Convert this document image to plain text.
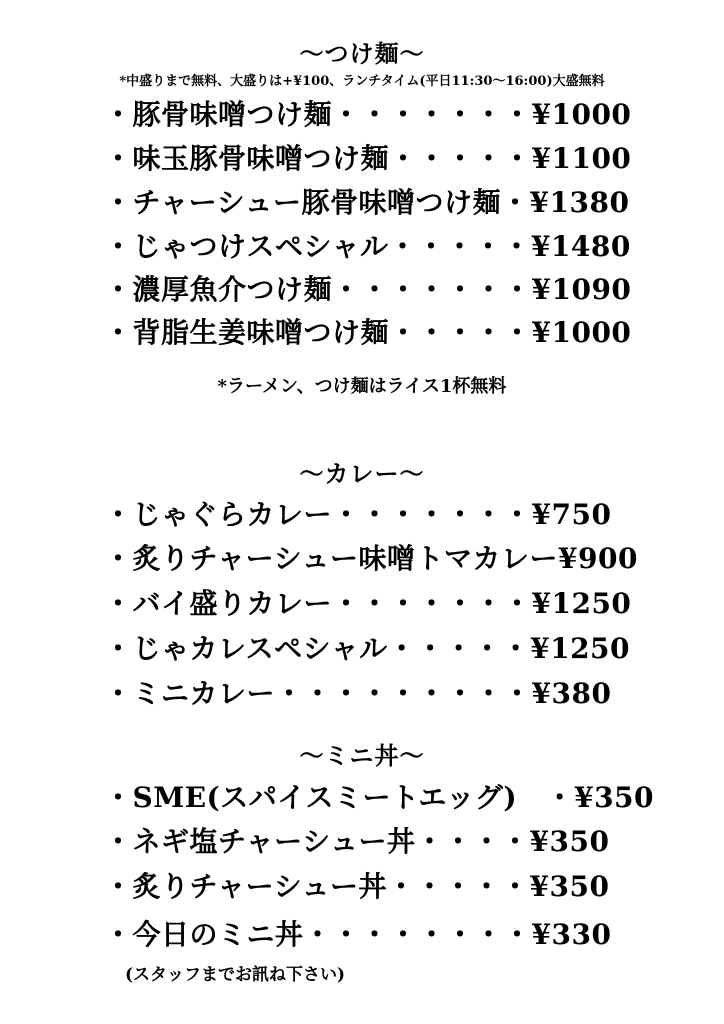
～つけ麺～
*中盛りまで無料、大盛りは+¥100、ランチタイム(平日11:30～16:00)大盛無料
・豚骨味噌つけ麺・・・・・・・¥1000
・味玉豚骨味噌つけ麺・・・・・¥1100
・チャーシュー豚骨味噌つけ麺・¥1380
・じゃつけスペシャル・・・・・¥1480
・濃厚魚介つけ麺・・・・・・・¥1090
・背脂生姜味噌つけ麺・・・・・¥1000
*ラーメン、つけ麺はライス1杯無料
～カレー～
・じゃぐらカレー・・・・・・・¥750
・炙りチャーシュー味噌トマカレー¥900
・バイ盛りカレー・・・・・・・¥1250
・じゃカレスペシャル・・・・・¥1250
・ミニカレー・・・・・・・・・¥380
～ミニ丼～
・SME(スパイスミートエッグ)　・¥350
・ネギ塩チャーシュー丼・・・・¥350
・炙りチャーシュー丼・・・・・¥350
・今日のミニ丼・・・・・・・・¥330
(スタッフまでお訊ね下さい)
